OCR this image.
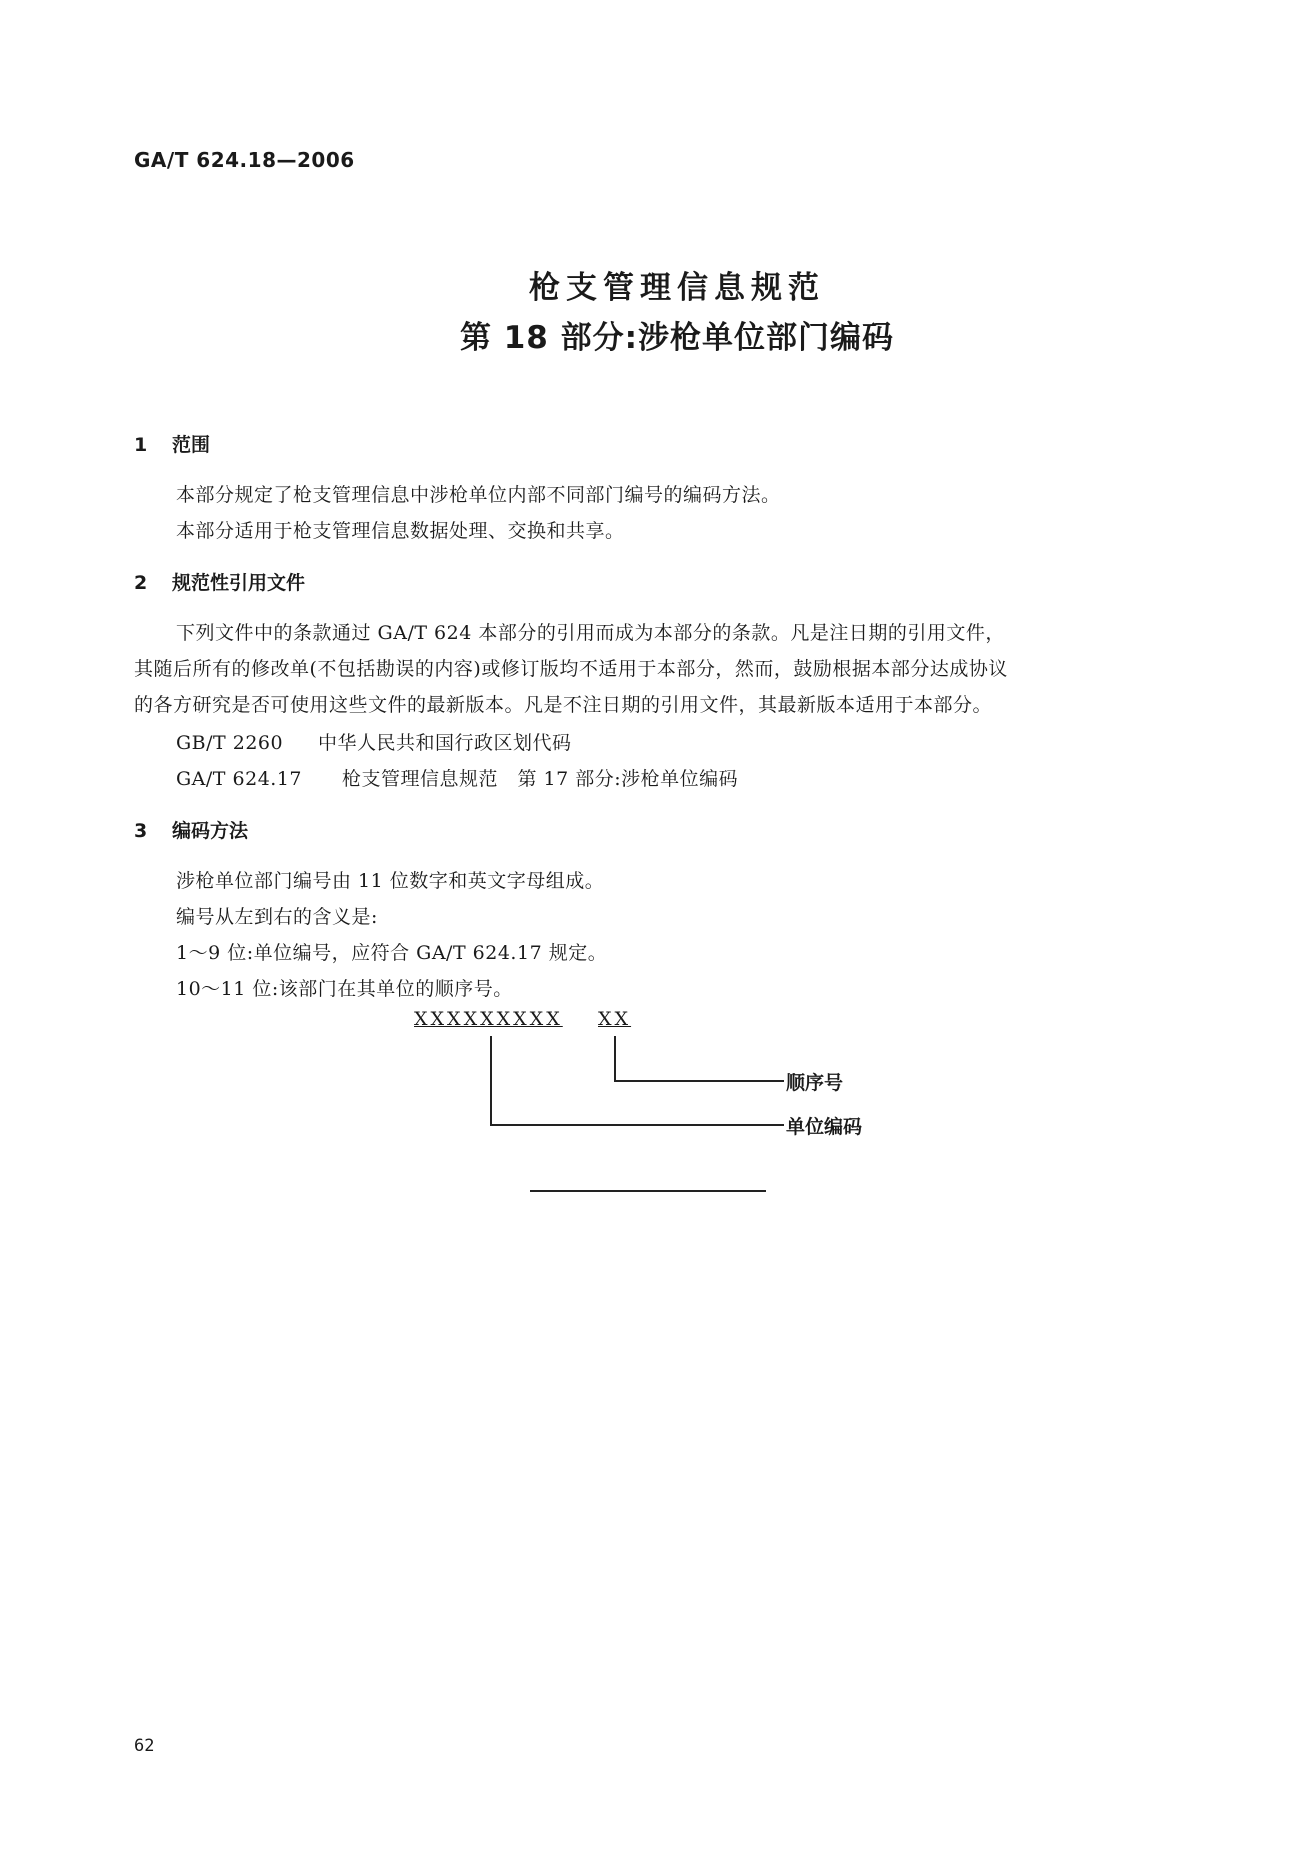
GA/T 624.18—2006
枪支管理信息规范
第 18 部分:涉枪单位部门编码
1 范围
本部分规定了枪支管理信息中涉枪单位内部不同部门编号的编码方法。
本部分适用于枪支管理信息数据处理、交换和共享。
2 规范性引用文件
下列文件中的条款通过 GA/T 624 本部分的引用而成为本部分的条款。凡是注日期的引用文件，
其随后所有的修改单(不包括勘误的内容)或修订版均不适用于本部分，然而，鼓励根据本部分达成协议
的各方研究是否可使用这些文件的最新版本。凡是不注日期的引用文件，其最新版本适用于本部分。
GB/T 2260 中华人民共和国行政区划代码
GA/T 624.17 枪支管理信息规范　第 17 部分:涉枪单位编码
3 编码方法
涉枪单位部门编号由 11 位数字和英文字母组成。
编号从左到右的含义是:
1～9 位:单位编号，应符合 GA/T 624.17 规定。
10～11 位:该部门在其单位的顺序号。
XXXXXXXXX XX
顺序号
单位编码
62
